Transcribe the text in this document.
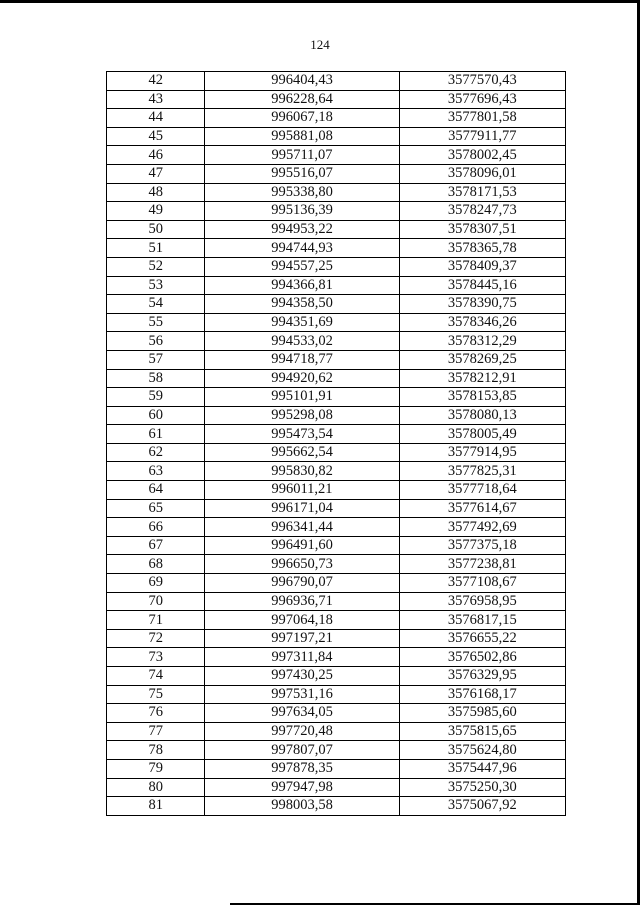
124
42	996404,43	3577570,43
43	996228,64	3577696,43
44	996067,18	3577801,58
45	995881,08	3577911,77
46	995711,07	3578002,45
47	995516,07	3578096,01
48	995338,80	3578171,53
49	995136,39	3578247,73
50	994953,22	3578307,51
51	994744,93	3578365,78
52	994557,25	3578409,37
53	994366,81	3578445,16
54	994358,50	3578390,75
55	994351,69	3578346,26
56	994533,02	3578312,29
57	994718,77	3578269,25
58	994920,62	3578212,91
59	995101,91	3578153,85
60	995298,08	3578080,13
61	995473,54	3578005,49
62	995662,54	3577914,95
63	995830,82	3577825,31
64	996011,21	3577718,64
65	996171,04	3577614,67
66	996341,44	3577492,69
67	996491,60	3577375,18
68	996650,73	3577238,81
69	996790,07	3577108,67
70	996936,71	3576958,95
71	997064,18	3576817,15
72	997197,21	3576655,22
73	997311,84	3576502,86
74	997430,25	3576329,95
75	997531,16	3576168,17
76	997634,05	3575985,60
77	997720,48	3575815,65
78	997807,07	3575624,80
79	997878,35	3575447,96
80	997947,98	3575250,30
81	998003,58	3575067,92
